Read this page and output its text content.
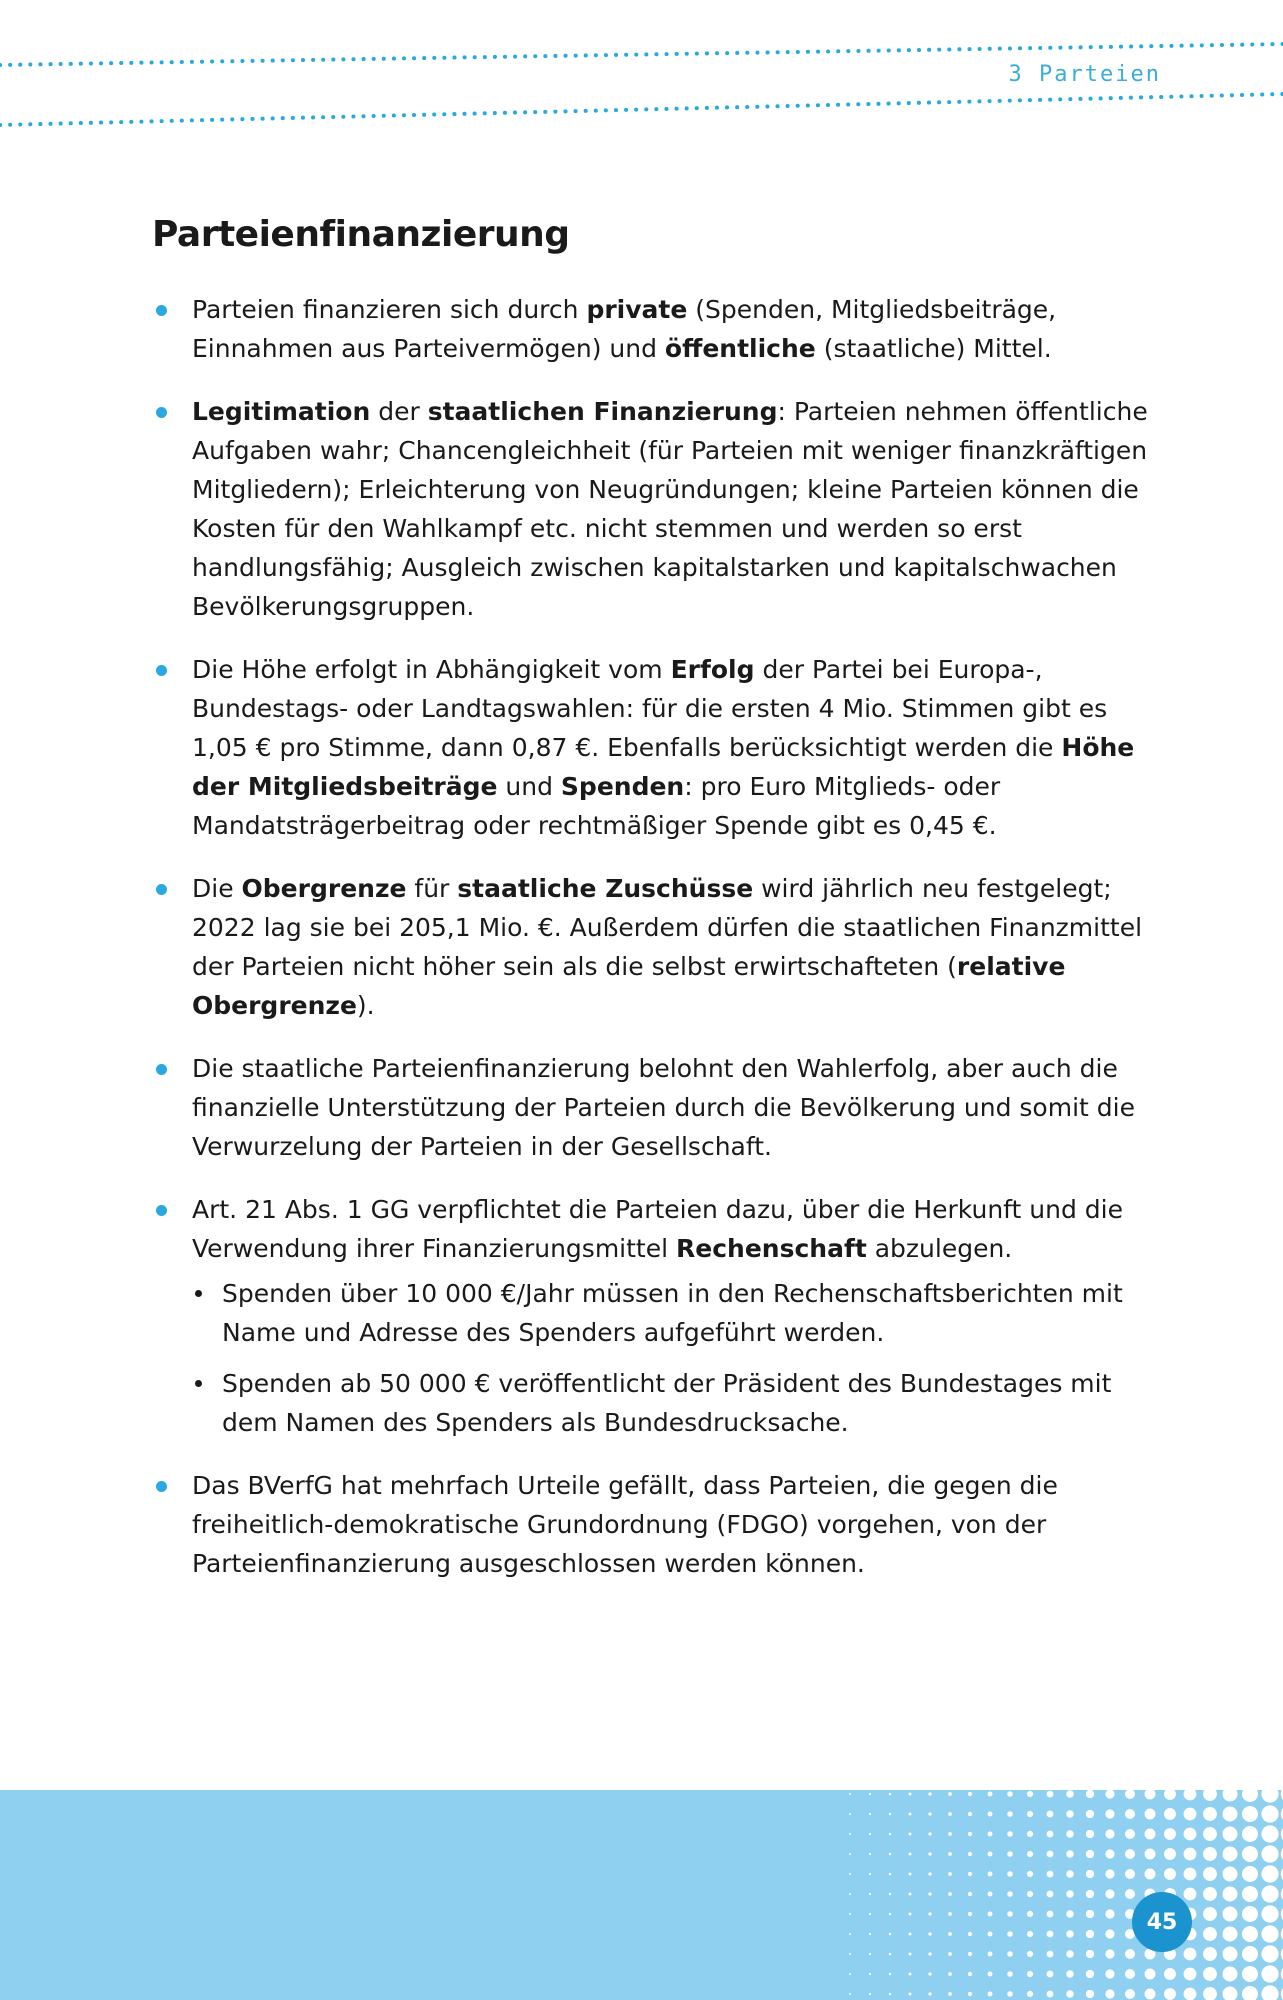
3 Parteien
Parteienfinanzierung
Parteien finanzieren sich durch private (Spenden, Mitgliedsbeiträge, Einnahmen aus Parteivermögen) und öffentliche (staatliche) Mittel.
Legitimation der staatlichen Finanzierung: Parteien nehmen öffentliche Aufgaben wahr; Chancengleichheit (für Parteien mit weniger finanzkräftigen Mitgliedern); Erleichterung von Neugründungen; kleine Parteien können die Kosten für den Wahlkampf etc. nicht stemmen und werden so erst handlungsfähig; Ausgleich zwischen kapitalstarken und kapitalschwachen Bevölkerungsgruppen.
Die Höhe erfolgt in Abhängigkeit vom Erfolg der Partei bei Europa-, Bundestags- oder Landtagswahlen: für die ersten 4 Mio. Stimmen gibt es 1,05 € pro Stimme, dann 0,87 €. Ebenfalls berücksichtigt werden die Höhe der Mitgliedsbeiträge und Spenden: pro Euro Mitglieds- oder Mandatsträgerbeitrag oder rechtmäßiger Spende gibt es 0,45 €.
Die Obergrenze für staatliche Zuschüsse wird jährlich neu festgelegt; 2022 lag sie bei 205,1 Mio. €. Außerdem dürfen die staatlichen Finanzmittel der Parteien nicht höher sein als die selbst erwirtschafteten (relative Obergrenze).
Die staatliche Parteienfinanzierung belohnt den Wahlerfolg, aber auch die finanzielle Unterstützung der Parteien durch die Bevölkerung und somit die Verwurzelung der Parteien in der Gesellschaft.
Art. 21 Abs. 1 GG verpflichtet die Parteien dazu, über die Herkunft und die Verwendung ihrer Finanzierungsmittel Rechenschaft abzulegen.
Spenden über 10 000 €/Jahr müssen in den Rechenschaftsberichten mit Name und Adresse des Spenders aufgeführt werden.
Spenden ab 50 000 € veröffentlicht der Präsident des Bundestages mit dem Namen des Spenders als Bundesdrucksache.
Das BVerfG hat mehrfach Urteile gefällt, dass Parteien, die gegen die freiheitlich-demokratische Grundordnung (FDGO) vorgehen, von der Parteienfinanzierung ausgeschlossen werden können.
45
